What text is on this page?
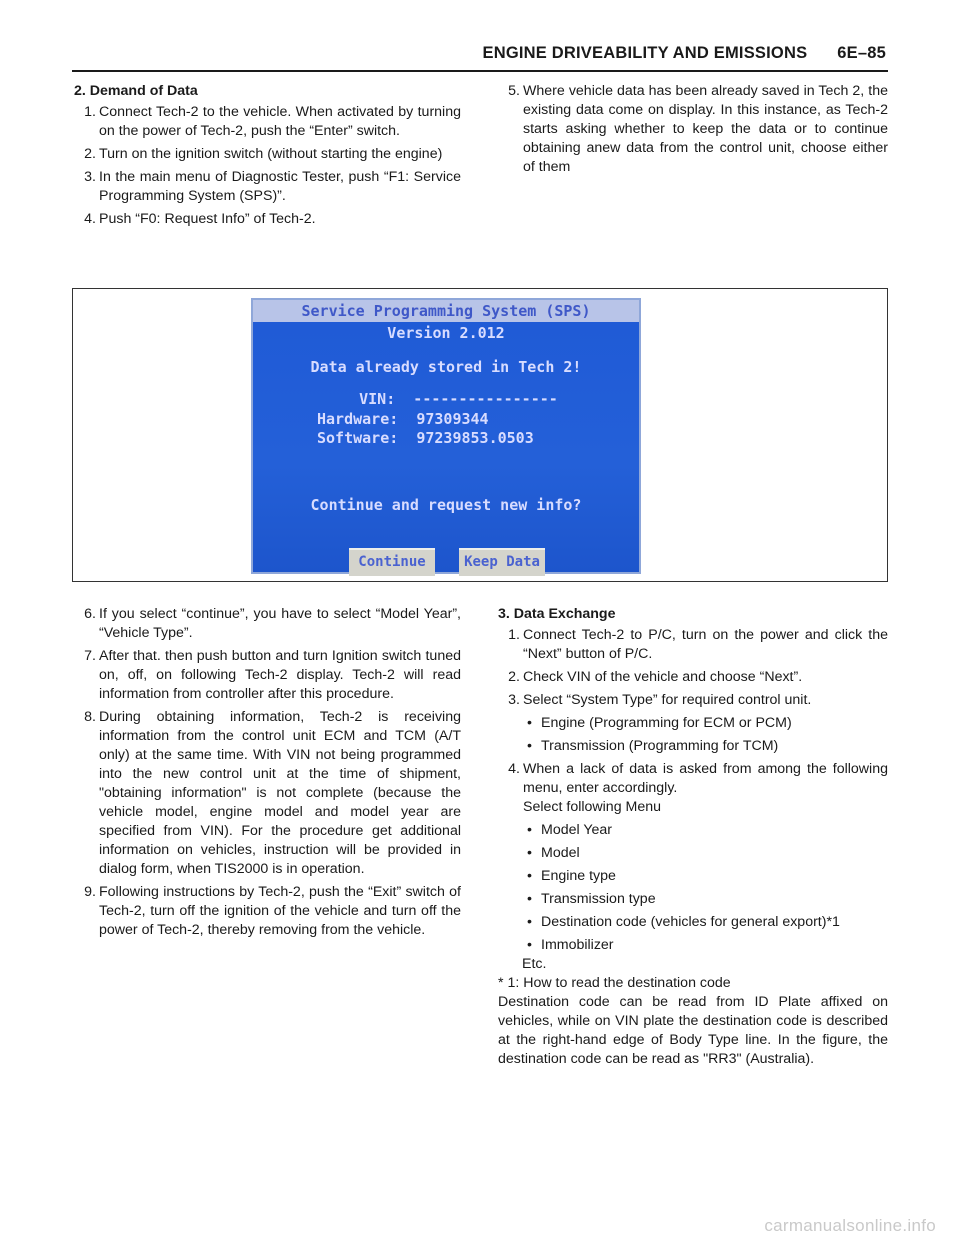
ENGINE DRIVEABILITY AND EMISSIONS 6E–85

2. Demand of Data

1. Connect Tech-2 to the vehicle. When activated by turning on the power of Tech-2, push the “Enter” switch.
2. Turn on the ignition switch (without starting the engine)
3. In the main menu of Diagnostic Tester, push “F1: Service Programming System (SPS)”.
4. Push “F0: Request Info” of Tech-2.
5. Where vehicle data has been already saved in Tech 2, the existing data come on display. In this instance, as Tech-2 starts asking whether to keep the data or to continue obtaining anew data from the control unit, choose either of them
Service Programming System (SPS)
Version 2.012
Data already stored in Tech 2!
VIN:  ----------------
Hardware:  97309344
Software:  97239853.0503
Continue and request new info?
Continue	Keep Data
6. If you select “continue”, you have to select “Model Year”, “Vehicle Type”.
7. After that. then push button and turn Ignition switch tuned on, off, on following Tech-2 display. Tech-2 will read information from controller after this procedure.
8. During obtaining information, Tech-2 is receiving information from the control unit ECM and TCM (A/T only) at the same time. With VIN not being programmed into the new control unit at the time of shipment, "obtaining information" is not complete (because the vehicle model, engine model and model year are specified from VIN). For the procedure get additional information on vehicles, instruction will be provided in dialog form, when TIS2000 is in operation.
9. Following instructions by Tech-2, push the “Exit” switch of Tech-2, turn off the ignition of the vehicle and turn off the power of Tech-2, thereby removing from the vehicle.

3. Data Exchange

1. Connect Tech-2 to P/C, turn on the power and click the “Next” button of P/C.
2. Check VIN of the vehicle and choose “Next”.
3. Select “System Type” for required control unit.
• Engine (Programming for ECM or PCM)
• Transmission (Programming for TCM)
4. When a lack of data is asked from among the following menu, enter accordingly.
Select following Menu
• Model Year
• Model
• Engine type
• Transmission type
• Destination code (vehicles for general export)*1
• Immobilizer
Etc.
* 1: How to read the destination code
Destination code can be read from ID Plate affixed on vehicles, while on VIN plate the destination code is described at the right-hand edge of Body Type line. In the figure, the destination code can be read as "RR3" (Australia).
carmanualsonline.info
